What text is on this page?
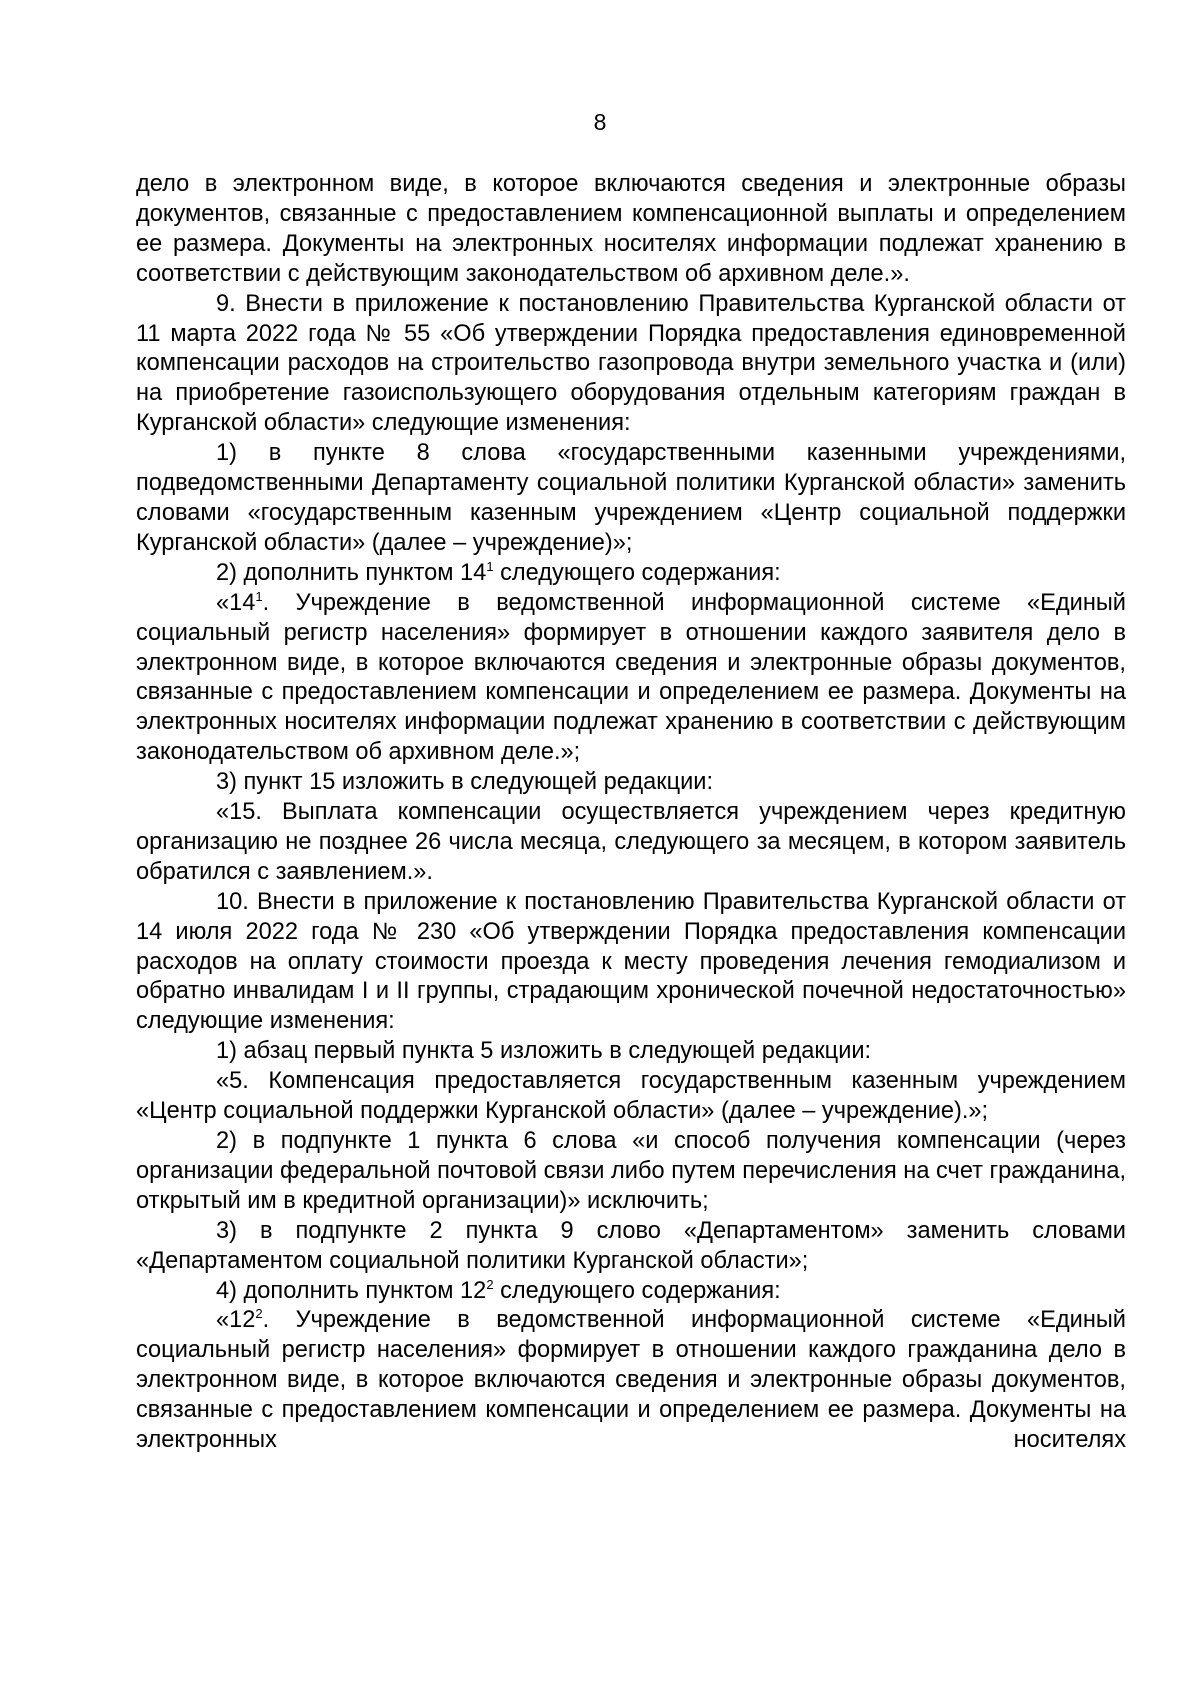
8

дело в электронном виде, в которое включаются сведения и электронные образы документов, связанные с предоставлением компенсационной выплаты и определением ее размера. Документы на электронных носителях информации подлежат хранению в соответствии с действующим законодательством об архивном деле.».

9. Внести в приложение к постановлению Правительства Курганской области от 11 марта 2022 года № 55 «Об утверждении Порядка предоставления единовременной компенсации расходов на строительство газопровода внутри земельного участка и (или) на приобретение газоиспользующего оборудования отдельным категориям граждан в Курганской области» следующие изменения:

1) в пункте 8 слова «государственными казенными учреждениями, подведомственными Департаменту социальной политики Курганской области» заменить словами «государственным казенным учреждением «Центр социальной поддержки Курганской области» (далее – учреждение)»;

2) дополнить пунктом $14^1$ следующего содержания:

«$14^1$. Учреждение в ведомственной информационной системе «Единый социальный регистр населения» формирует в отношении каждого заявителя дело в электронном виде, в которое включаются сведения и электронные образы документов, связанные с предоставлением компенсации и определением ее размера. Документы на электронных носителях информации подлежат хранению в соответствии с действующим законодательством об архивном деле.»;

3) пункт 15 изложить в следующей редакции:

«15. Выплата компенсации осуществляется учреждением через кредитную организацию не позднее 26 числа месяца, следующего за месяцем, в котором заявитель обратился с заявлением.».

10. Внести в приложение к постановлению Правительства Курганской области от 14 июля 2022 года № 230 «Об утверждении Порядка предоставления компенсации расходов на оплату стоимости проезда к месту проведения лечения гемодиализом и обратно инвалидам I и II группы, страдающим хронической почечной недостаточностью» следующие изменения:

1) абзац первый пункта 5 изложить в следующей редакции:

«5. Компенсация предоставляется государственным казенным учреждением «Центр социальной поддержки Курганской области» (далее – учреждение).»;

2) в подпункте 1 пункта 6 слова «и способ получения компенсации (через организации федеральной почтовой связи либо путем перечисления на счет гражданина, открытый им в кредитной организации)» исключить;

3) в подпункте 2 пункта 9 слово «Департаментом» заменить словами «Департаментом социальной политики Курганской области»;

4) дополнить пунктом $12^2$ следующего содержания:

«$12^2$. Учреждение в ведомственной информационной системе «Единый социальный регистр населения» формирует в отношении каждого гражданина дело в электронном виде, в которое включаются сведения и электронные образы документов, связанные с предоставлением компенсации и определением ее размера. Документы на электронных носителях
